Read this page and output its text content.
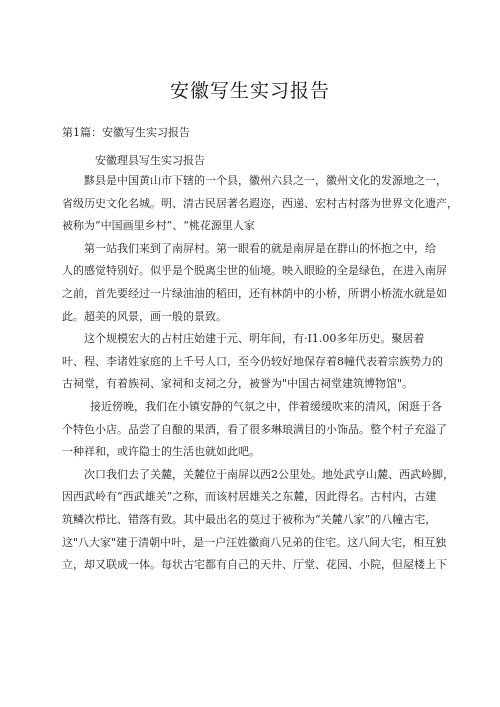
安徽写生实习报告
第1篇：安徽写生实习报告
安徽理县写生实习报告

黟县是中国黄山市下辖的一个县，徽州六县之一，徽州文化的发源地之一，
省级历史文化名城。明、清古民居著名遐迩，西递、宏村古村落为世界文化遗产，
被称为“中国画里乡村”、“桃花源里人家

第一站我们来到了南屏村。第一眼看的就是南屏是在群山的怀抱之中，给
人的感觉特别好。似乎是个脱离尘世的仙境。映入眼睑的全是绿色，在进入南屏
之前，首先要经过一片绿油油的稻田，还有林荫中的小桥，所谓小桥流水就是如
此。超美的风景，画一般的景致。

这个规模宏大的占村庄始建于元、明年间，有·I1.00多年历史。聚居着
叶、程、李诸姓家庭的上千号人口，至今仍较好地保存着8幢代表着宗族势力的
古祠堂，有着族祠、家祠和支祠之分，被誉为"中国古祠堂建筑博物馆"。

接近傍晚，我们在小镇安静的气氛之中，伴着缓缓吹来的清风，闲逛于各
个特色小店。品尝了自酿的果酒，看了很多琳琅满目的小饰品。整个村子充溢了
一种祥和，或许隐士的生活也就如此吧。

次口我们去了关麓，关麓位于南屏以西2公里处。地处武亨山麓、西武岭脚，
因西武岭有“西武雄关”之称，而该村居雄关之东麓，因此得名。古村内，古建
筑鳞次栉比、错落有致。其中最出名的莫过于被称为“关麓八家”的八幢古宅，
这"八大家"建于清朝中叶，是一户汪姓徽商八兄弟的住宅。这八间大宅，相互独
立，却又联成一体。每状古宅都有自己的天井、厅堂、花园、小院，但屋楼上下
